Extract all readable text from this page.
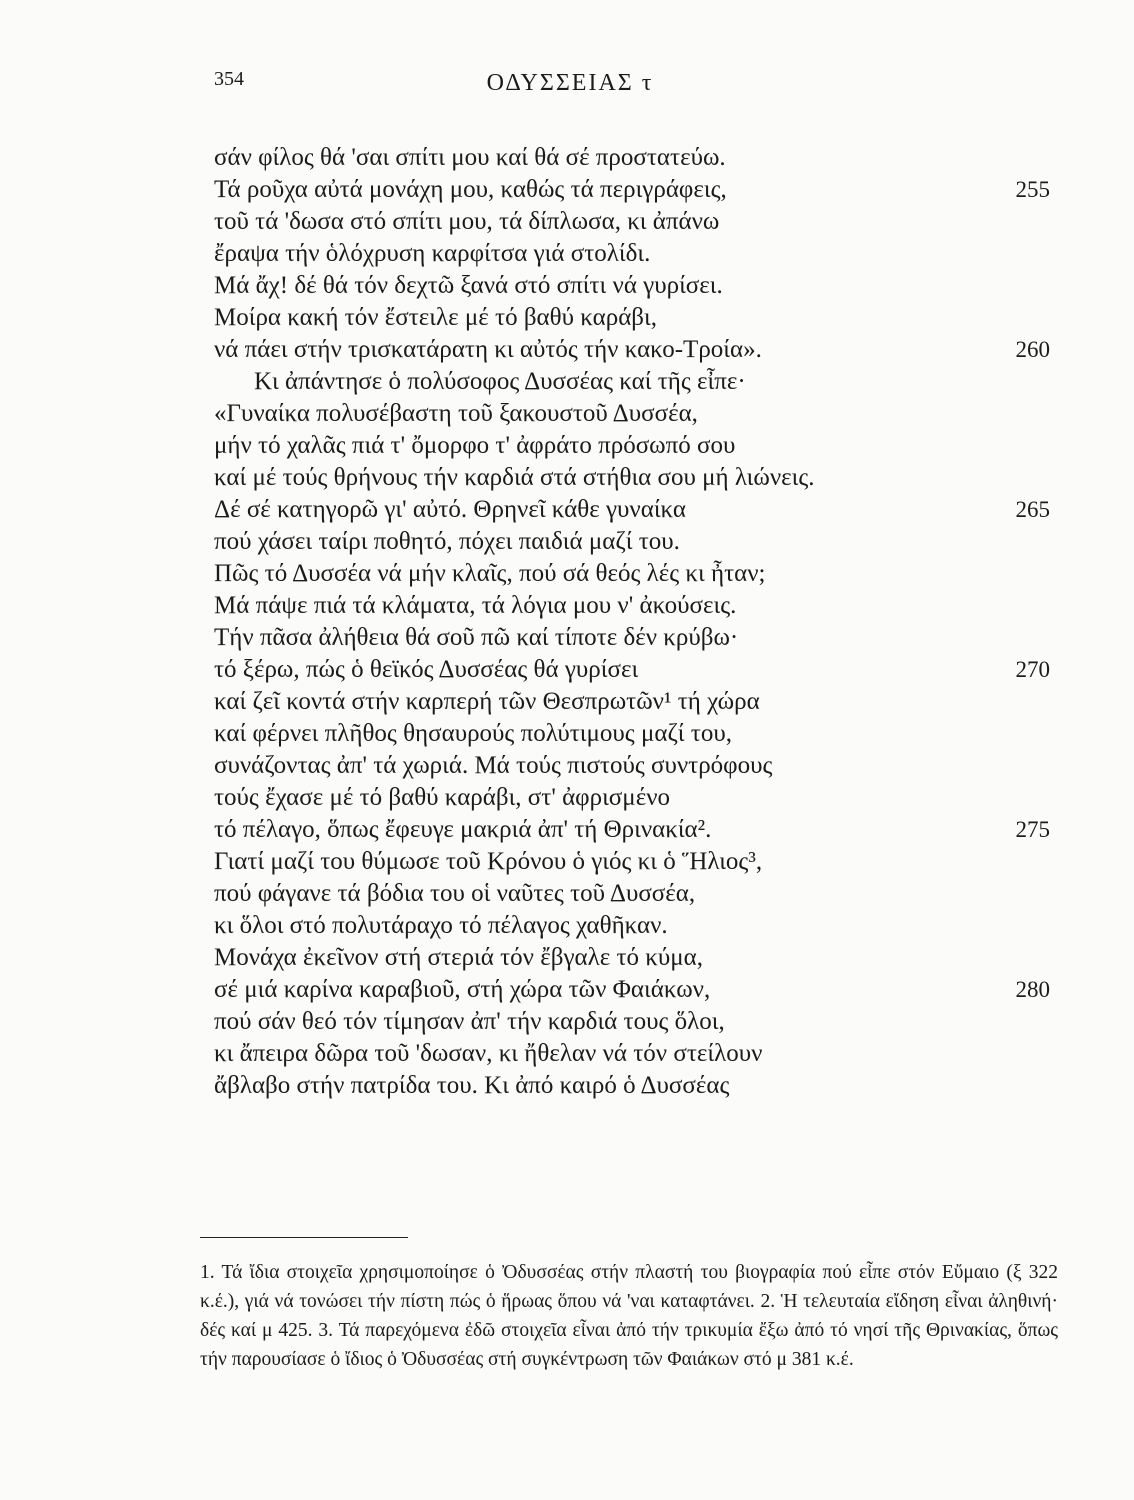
354	ΟΔΥΣΣΕΙΑΣ τ
σάν φίλος θά 'σαι σπίτι μου καί θά σέ προστατεύω.
Τά ροῦχα αὐτά μονάχη μου, καθώς τά περιγράφεις,	255
τοῦ τά 'δωσα στό σπίτι μου, τά δίπλωσα, κι ἀπάνω
ἔραψα τήν ὁλόχρυση καρφίτσα γιά στολίδι.
Μά ἄχ! δέ θά τόν δεχτῶ ξανά στό σπίτι νά γυρίσει.
Μοίρα κακή τόν ἔστειλε μέ τό βαθύ καράβι,
νά πάει στήν τρισκατάρατη κι αὐτός τήν κακο-Τροία».	260
Κι ἀπάντησε ὁ πολύσοφος Δυσσέας καί τῆς εἶπε·
«Γυναίκα πολυσέβαστη τοῦ ξακουστοῦ Δυσσέα,
μήν τό χαλᾶς πιά τ' ὄμορφο τ' ἀφράτο πρόσωπό σου
καί μέ τούς θρήνους τήν καρδιά στά στήθια σου μή λιώνεις.
Δέ σέ κατηγορῶ γι' αὐτό. Θρηνεῖ κάθε γυναίκα	265
πού χάσει ταίρι ποθητό, πόχει παιδιά μαζί του.
Πῶς τό Δυσσέα νά μήν κλαῖς, πού σά θεός λές κι ἦταν;
Μά πάψε πιά τά κλάματα, τά λόγια μου ν' ἀκούσεις.
Τήν πᾶσα ἀλήθεια θά σοῦ πῶ καί τίποτε δέν κρύβω·
τό ξέρω, πώς ὁ θεϊκός Δυσσέας θά γυρίσει	270
καί ζεῖ κοντά στήν καρπερή τῶν Θεσπρωτῶν¹ τή χώρα
καί φέρνει πλῆθος θησαυρούς πολύτιμους μαζί του,
συνάζοντας ἀπ' τά χωριά. Μά τούς πιστούς συντρόφους
τούς ἔχασε μέ τό βαθύ καράβι, στ' ἀφρισμένο
τό πέλαγο, ὅπως ἔφευγε μακριά ἀπ' τή Θρινακία².	275
Γιατί μαζί του θύμωσε τοῦ Κρόνου ὁ γιός κι ὁ Ἥλιος³,
πού φάγανε τά βόδια του οἱ ναῦτες τοῦ Δυσσέα,
κι ὅλοι στό πολυτάραχο τό πέλαγος χαθῆκαν.
Μονάχα ἐκεῖνον στή στεριά τόν ἔβγαλε τό κύμα,
σέ μιά καρίνα καραβιοῦ, στή χώρα τῶν Φαιάκων,	280
πού σάν θεό τόν τίμησαν ἀπ' τήν καρδιά τους ὅλοι,
κι ἄπειρα δῶρα τοῦ 'δωσαν, κι ἤθελαν νά τόν στείλουν
ἄβλαβο στήν πατρίδα του. Κι ἀπό καιρό ὁ Δυσσέας

1. Τά ἴδια στοιχεῖα χρησιμοποίησε ὁ Ὀδυσσέας στήν πλαστή του βιογραφία πού εἶπε στόν Εὔμαιο (ξ 322 κ.έ.), γιά νά τονώσει τήν πίστη πώς ὁ ἥρωας ὅπου νά 'ναι καταφτάνει. 2. Ἡ τελευταία εἴδηση εἶναι ἀληθινή· δές καί μ 425. 3. Τά παρεχόμενα ἐδῶ στοιχεῖα εἶναι ἀπό τήν τρικυμία ἔξω ἀπό τό νησί τῆς Θρινακίας, ὅπως τήν παρουσίασε ὁ ἴδιος ὁ Ὀδυσσέας στή συγκέντρωση τῶν Φαιάκων στό μ 381 κ.έ.
